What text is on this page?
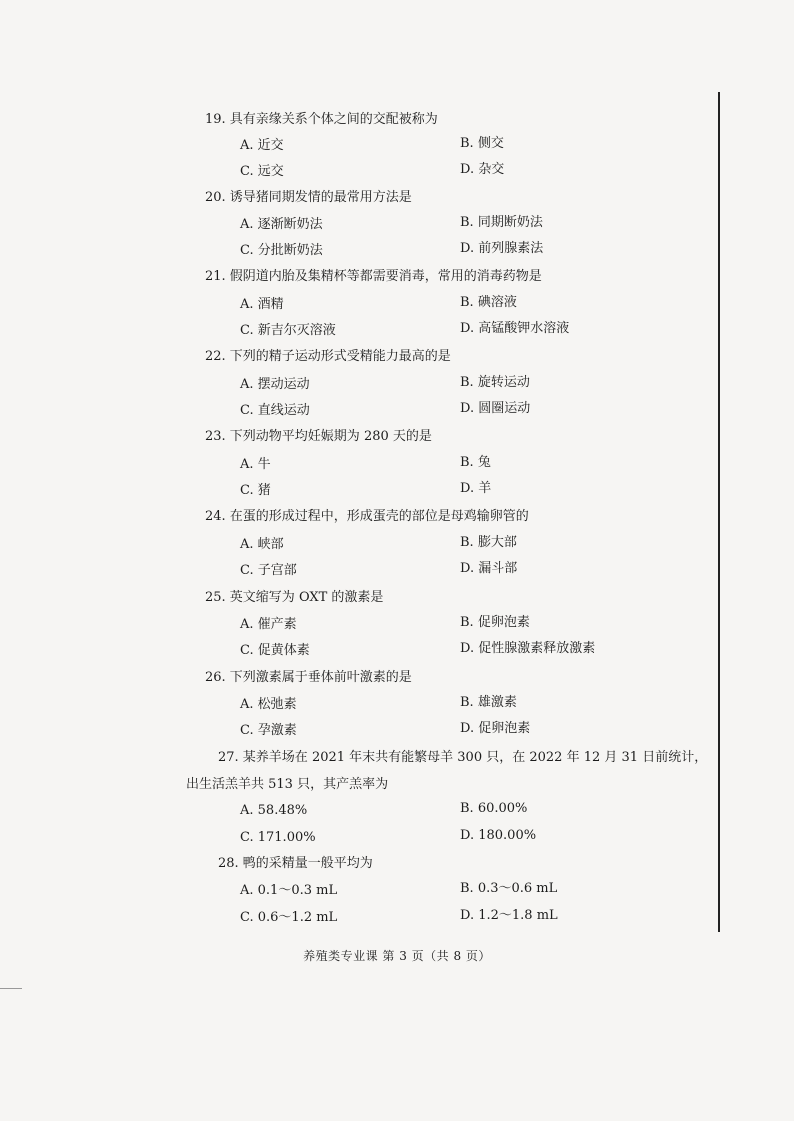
19. 具有亲缘关系个体之间的交配被称为
A. 近交	B. 侧交
C. 远交	D. 杂交
20. 诱导猪同期发情的最常用方法是
A. 逐渐断奶法	B. 同期断奶法
C. 分批断奶法	D. 前列腺素法
21. 假阴道内胎及集精杯等都需要消毒，常用的消毒药物是
A. 酒精	B. 碘溶液
C. 新吉尔灭溶液	D. 高锰酸钾水溶液
22. 下列的精子运动形式受精能力最高的是
A. 摆动运动	B. 旋转运动
C. 直线运动	D. 圆圈运动
23. 下列动物平均妊娠期为 280 天的是
A. 牛	B. 兔
C. 猪	D. 羊
24. 在蛋的形成过程中，形成蛋壳的部位是母鸡输卵管的
A. 峡部	B. 膨大部
C. 子宫部	D. 漏斗部
25. 英文缩写为 OXT 的激素是
A. 催产素	B. 促卵泡素
C. 促黄体素	D. 促性腺激素释放激素
26. 下列激素属于垂体前叶激素的是
A. 松弛素	B. 雄激素
C. 孕激素	D. 促卵泡素
27. 某养羊场在 2021 年末共有能繁母羊 300 只，在 2022 年 12 月 31 日前统计，
出生活羔羊共 513 只，其产羔率为
A. 58.48%	B. 60.00%
C. 171.00%	D. 180.00%
28. 鸭的采精量一般平均为
A. 0.1～0.3 mL	B. 0.3～0.6 mL
C. 0.6～1.2 mL	D. 1.2～1.8 mL
养殖类专业课 第 3 页（共 8 页）
